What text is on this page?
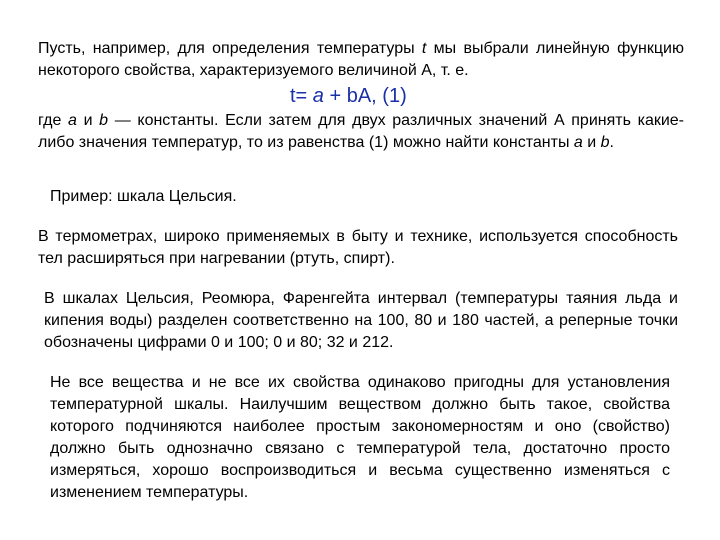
Пусть, например, для определения температуры t мы выбрали линейную функцию некоторого свойства, характеризуемого величиной А, т. е.
t= a + bA, (1)
где a и b — константы. Если затем для двух различных значений А принять какие-либо значения температур, то из равенства (1) можно найти константы a и b.
Пример: шкала Цельсия.
В термометрах, широко применяемых в быту и технике, используется способность тел расширяться при нагревании (ртуть, спирт).
В шкалах Цельсия, Реомюра, Фаренгейта интервал (температуры таяния льда и кипения воды) разделен соответственно на 100, 80 и 180 частей, а реперные точки обозначены цифрами 0 и 100; 0 и 80; 32 и 212.
Не все вещества и не все их свойства одинаково пригодны для установления температурной шкалы. Наилучшим веществом должно быть такое, свойства которого подчиняются наиболее простым закономерностям и оно (свойство) должно быть однозначно связано с температурой тела, достаточно просто измеряться, хорошо воспроизводиться и весьма существенно изменяться с изменением температуры.
